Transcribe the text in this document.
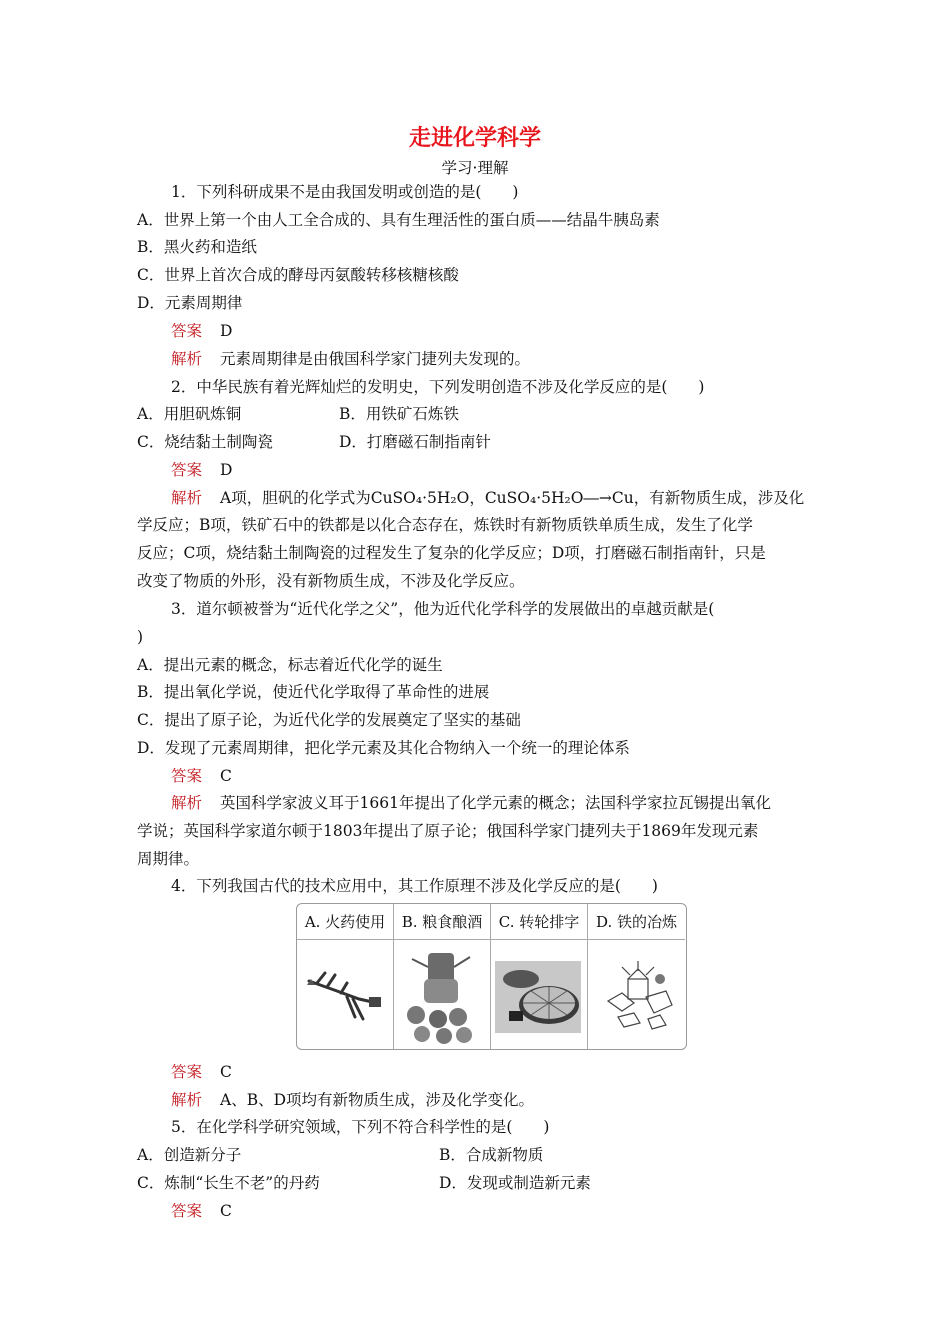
走进化学科学
学习·理解
1．下列科研成果不是由我国发明或创造的是(　　)
A．世界上第一个由人工全合成的、具有生理活性的蛋白质——结晶牛胰岛素
B．黑火药和造纸
C．世界上首次合成的酵母丙氨酸转移核糖核酸
D．元素周期律
答案 D
解析 元素周期律是由俄国科学家门捷列夫发现的。
2．中华民族有着光辉灿烂的发明史，下列发明创造不涉及化学反应的是(　　)
A．用胆矾炼铜	B．用铁矿石炼铁
C．烧结黏土制陶瓷	D．打磨磁石制指南针
答案 D
解析 A项，胆矾的化学式为CuSO₄·5H₂O，CuSO₄·5H₂O―→Cu，有新物质生成，涉及化
学反应；B项，铁矿石中的铁都是以化合态存在，炼铁时有新物质铁单质生成，发生了化学
反应；C项，烧结黏土制陶瓷的过程发生了复杂的化学反应；D项，打磨磁石制指南针，只是
改变了物质的外形，没有新物质生成，不涉及化学反应。
3．道尔顿被誉为“近代化学之父”，他为近代化学科学的发展做出的卓越贡献是(
)
A．提出元素的概念，标志着近代化学的诞生
B．提出氧化学说，使近代化学取得了革命性的进展
C．提出了原子论，为近代化学的发展奠定了坚实的基础
D．发现了元素周期律，把化学元素及其化合物纳入一个统一的理论体系
答案 C
解析 英国科学家波义耳于1661年提出了化学元素的概念；法国科学家拉瓦锡提出氧化
学说；英国科学家道尔顿于1803年提出了原子论；俄国科学家门捷列夫于1869年发现元素
周期律。
4．下列我国古代的技术应用中，其工作原理不涉及化学反应的是(　　)
A. 火药使用	B. 粮食酿酒	C. 转轮排字	D. 铁的冶炼
答案 C
解析 A、B、D项均有新物质生成，涉及化学变化。
5．在化学科学研究领域，下列不符合科学性的是(　　)
A．创造新分子	B．合成新物质
C．炼制“长生不老”的丹药	D．发现或制造新元素
答案 C
